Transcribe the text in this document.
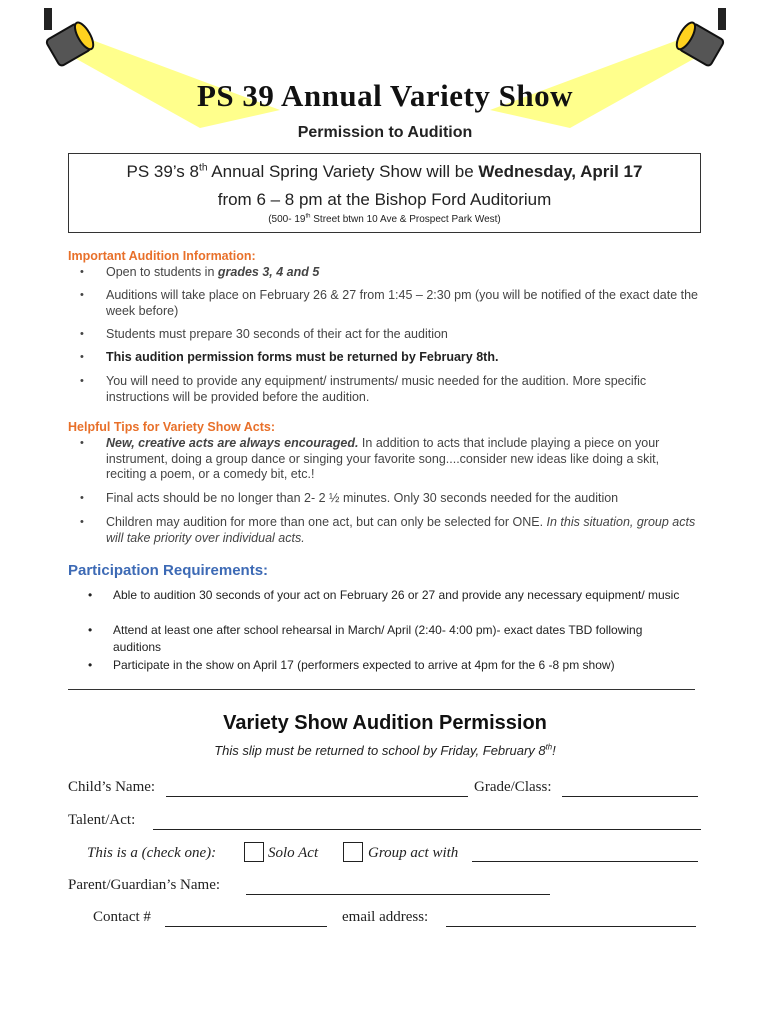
PS 39 Annual Variety Show
Permission to Audition
PS 39’s 8th Annual Spring Variety Show will be Wednesday, April 17
from 6 – 8 pm at the Bishop Ford Auditorium
(500- 19th Street btwn 10 Ave & Prospect Park West)
Important Audition Information:
• Open to students in grades 3, 4 and 5
• Auditions will take place on February 26 & 27 from 1:45 – 2:30 pm (you will be notified of the exact date the week before)
• Students must prepare 30 seconds of their act for the audition
• This audition permission forms must be returned by February 8th.
• You will need to provide any equipment/ instruments/ music needed for the audition. More specific instructions will be provided before the audition.
Helpful Tips for Variety Show Acts:
• New, creative acts are always encouraged. In addition to acts that include playing a piece on your instrument, doing a group dance or singing your favorite song....consider new ideas like doing a skit, reciting a poem, or a comedy bit, etc.!
• Final acts should be no longer than 2- 2 ½ minutes. Only 30 seconds needed for the audition
• Children may audition for more than one act, but can only be selected for ONE. In this situation, group acts will take priority over individual acts.
Participation Requirements:
• Able to audition 30 seconds of your act on February 26 or 27 and provide any necessary equipment/ music
• Attend at least one after school rehearsal in March/ April (2:40- 4:00 pm)- exact dates TBD following auditions
• Participate in the show on April 17 (performers expected to arrive at 4pm for the 6 -8 pm show)
Variety Show Audition Permission
This slip must be returned to school by Friday, February 8th!
Child’s Name:	Grade/Class:
Talent/Act:
This is a (check one):	Solo Act	Group act with
Parent/Guardian’s Name:
Contact #	email address:
